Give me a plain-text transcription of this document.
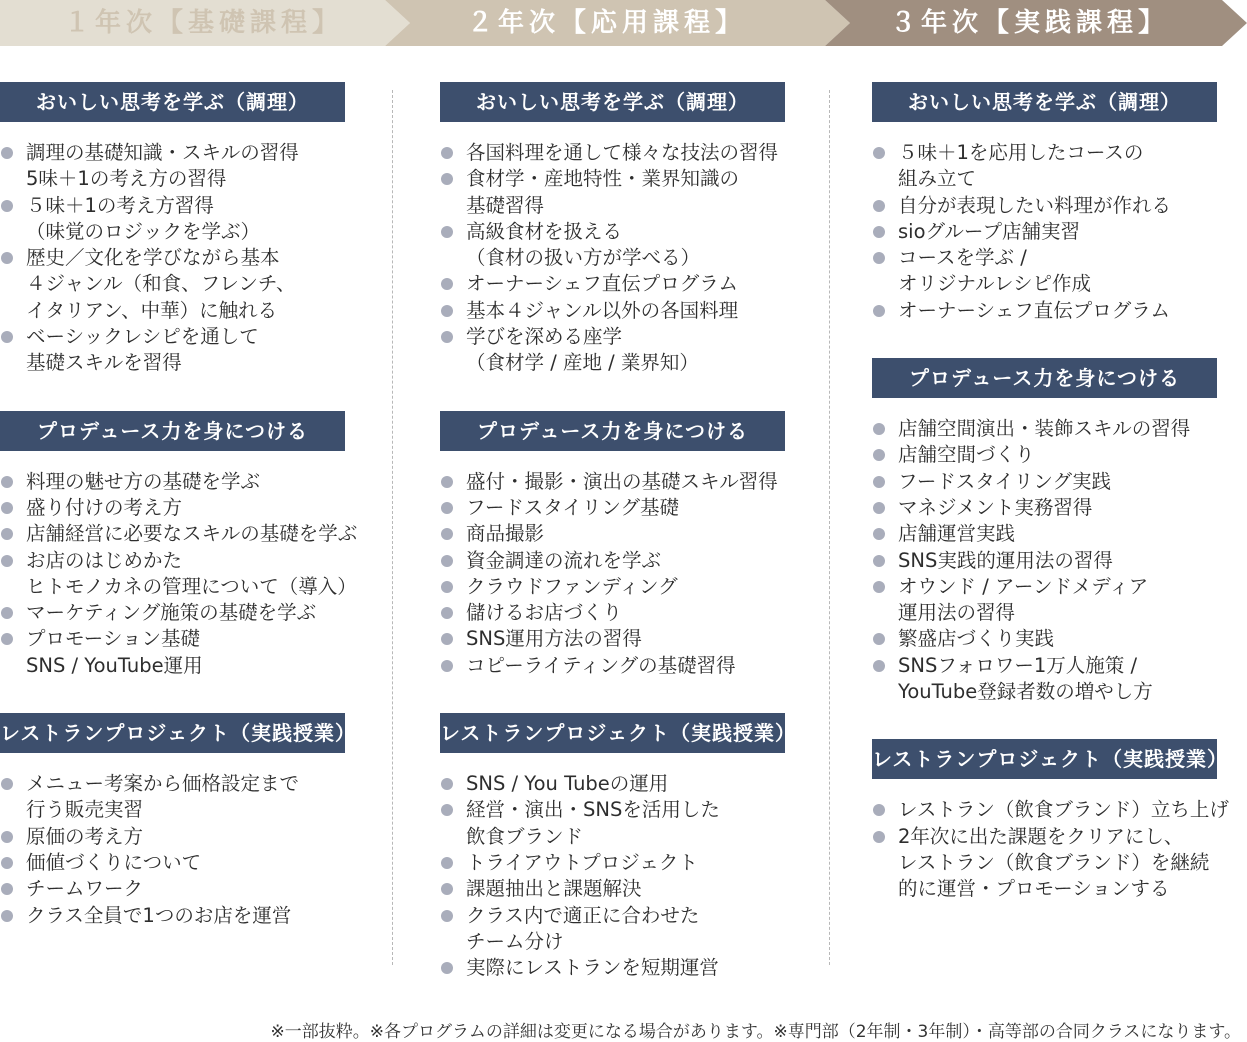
１年次【基礎課程】	２年次【応用課程】	３年次【実践課程】
おいしい思考を学ぶ（調理）
調理の基礎知識・スキルの習得
5味＋1の考え方の習得
５味＋1の考え方習得
（味覚のロジックを学ぶ）
歴史／文化を学びながら基本
４ジャンル（和食、フレンチ、
イタリアン、中華）に触れる
ベーシックレシピを通して
基礎スキルを習得
プロデュース力を身につける
料理の魅せ方の基礎を学ぶ
盛り付けの考え方
店舗経営に必要なスキルの基礎を学ぶ
お店のはじめかた
ヒトモノカネの管理について（導入）
マーケティング施策の基礎を学ぶ
プロモーション基礎
SNS / YouTube運用
レストランプロジェクト（実践授業）
メニュー考案から価格設定まで
行う販売実習
原価の考え方
価値づくりについて
チームワーク
クラス全員で1つのお店を運営
おいしい思考を学ぶ（調理）
各国料理を通して様々な技法の習得
食材学・産地特性・業界知識の
基礎習得
高級食材を扱える
（食材の扱い方が学べる）
オーナーシェフ直伝プログラム
基本４ジャンル以外の各国料理
学びを深める座学
（食材学 / 産地 / 業界知）
プロデュース力を身につける
盛付・撮影・演出の基礎スキル習得
フードスタイリング基礎
商品撮影
資金調達の流れを学ぶ
クラウドファンディング
儲けるお店づくり
SNS運用方法の習得
コピーライティングの基礎習得
レストランプロジェクト（実践授業）
SNS / You Tubeの運用
経営・演出・SNSを活用した
飲食ブランド
トライアウトプロジェクト
課題抽出と課題解決
クラス内で適正に合わせた
チーム分け
実際にレストランを短期運営
おいしい思考を学ぶ（調理）
５味＋1を応用したコースの
組み立て
自分が表現したい料理が作れる
sioグループ店舗実習
コースを学ぶ /
オリジナルレシピ作成
オーナーシェフ直伝プログラム
プロデュース力を身につける
店舗空間演出・装飾スキルの習得
店舗空間づくり
フードスタイリング実践
マネジメント実務習得
店舗運営実践
SNS実践的運用法の習得
オウンド / アーンドメディア
運用法の習得
繁盛店づくり実践
SNSフォロワー1万人施策 /
YouTube登録者数の増やし方
レストランプロジェクト（実践授業）
レストラン（飲食ブランド）立ち上げ
2年次に出た課題をクリアにし、
レストラン（飲食ブランド）を継続
的に運営・プロモーションする
※一部抜粋。※各プログラムの詳細は変更になる場合があります。※専門部（2年制・3年制）・高等部の合同クラスになります。
